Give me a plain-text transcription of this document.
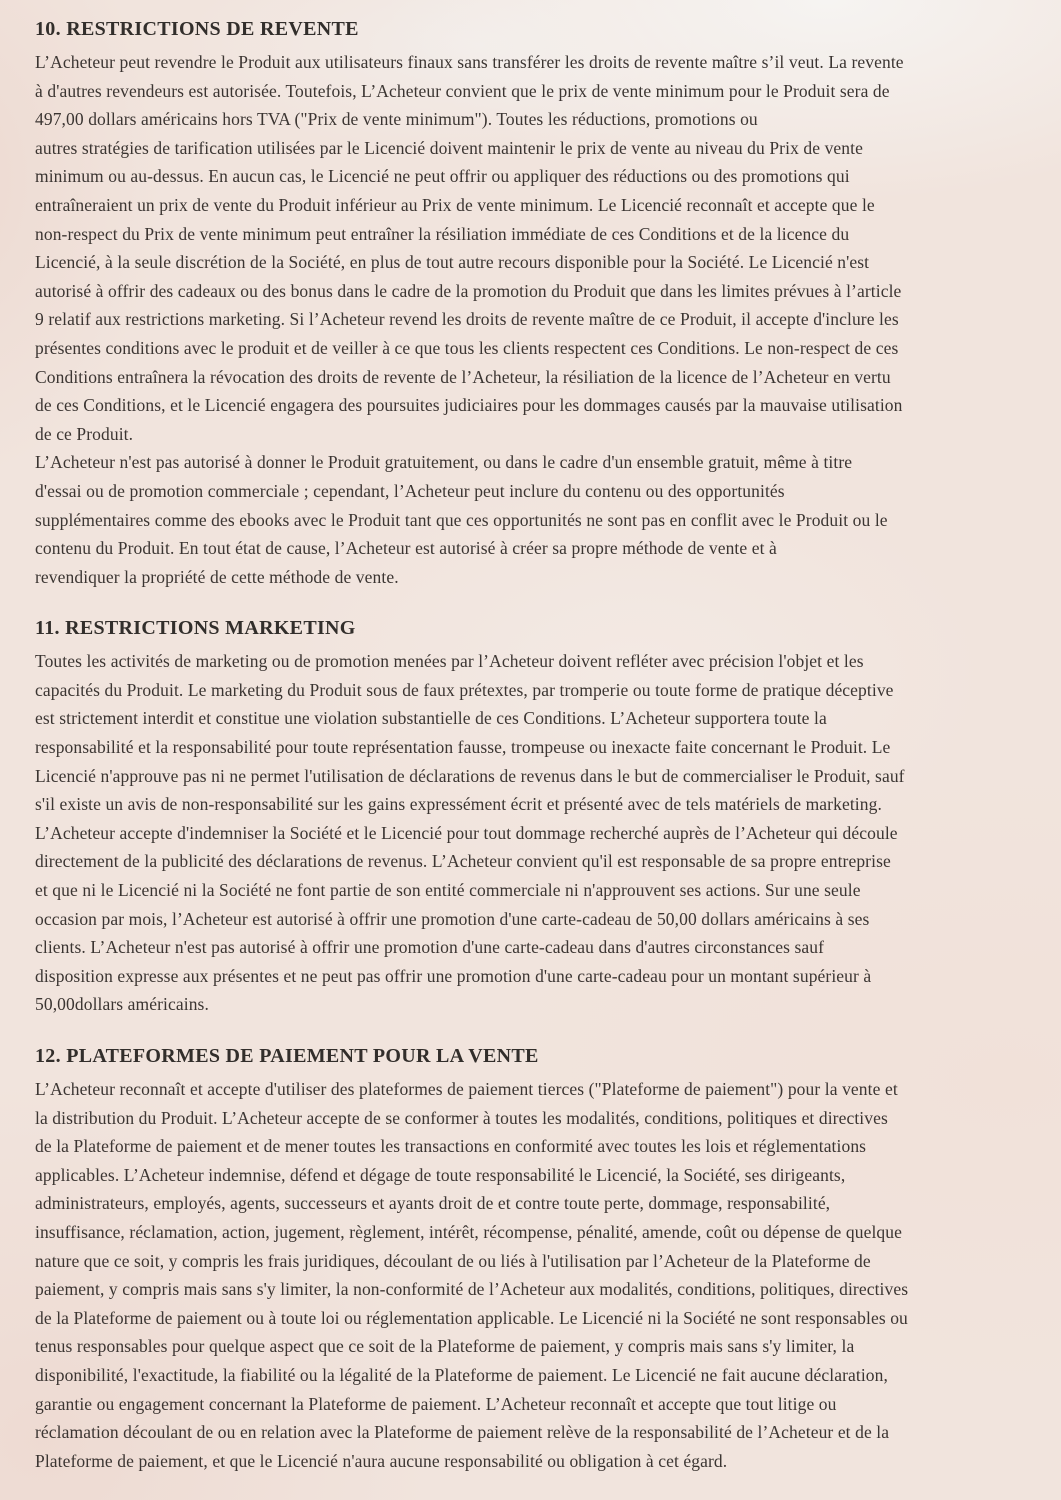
10. RESTRICTIONS DE REVENTE
L’Acheteur peut revendre le Produit aux utilisateurs finaux sans transférer les droits de revente maître s’il veut. La revente
à d'autres revendeurs est autorisée. Toutefois, L’Acheteur convient que le prix de vente minimum pour le Produit sera de
497,00 dollars américains hors TVA ("Prix de vente minimum"). Toutes les réductions, promotions ou
autres stratégies de tarification utilisées par le Licencié doivent maintenir le prix de vente au niveau du Prix de vente
minimum ou au-dessus. En aucun cas, le Licencié ne peut offrir ou appliquer des réductions ou des promotions qui
entraîneraient un prix de vente du Produit inférieur au Prix de vente minimum. Le Licencié reconnaît et accepte que le
non-respect du Prix de vente minimum peut entraîner la résiliation immédiate de ces Conditions et de la licence du
Licencié, à la seule discrétion de la Société, en plus de tout autre recours disponible pour la Société. Le Licencié n'est
autorisé à offrir des cadeaux ou des bonus dans le cadre de la promotion du Produit que dans les limites prévues à l’article
9 relatif aux restrictions marketing. Si l’Acheteur revend les droits de revente maître de ce Produit, il accepte d'inclure les
présentes conditions avec le produit et de veiller à ce que tous les clients respectent ces Conditions. Le non-respect de ces
Conditions entraînera la révocation des droits de revente de l’Acheteur, la résiliation de la licence de l’Acheteur en vertu
de ces Conditions, et le Licencié engagera des poursuites judiciaires pour les dommages causés par la mauvaise utilisation
de ce Produit.
L’Acheteur n'est pas autorisé à donner le Produit gratuitement, ou dans le cadre d'un ensemble gratuit, même à titre
d'essai ou de promotion commerciale ; cependant, l’Acheteur peut inclure du contenu ou des opportunités
supplémentaires comme des ebooks avec le Produit tant que ces opportunités ne sont pas en conflit avec le Produit ou le
contenu du Produit. En tout état de cause, l’Acheteur est autorisé à créer sa propre méthode de vente et à
revendiquer la propriété de cette méthode de vente.
11. RESTRICTIONS MARKETING
Toutes les activités de marketing ou de promotion menées par l’Acheteur doivent refléter avec précision l'objet et les
capacités du Produit. Le marketing du Produit sous de faux prétextes, par tromperie ou toute forme de pratique déceptive
est strictement interdit et constitue une violation substantielle de ces Conditions. L’Acheteur supportera toute la
responsabilité et la responsabilité pour toute représentation fausse, trompeuse ou inexacte faite concernant le Produit. Le
Licencié n'approuve pas ni ne permet l'utilisation de déclarations de revenus dans le but de commercialiser le Produit, sauf
s'il existe un avis de non-responsabilité sur les gains expressément écrit et présenté avec de tels matériels de marketing.
L’Acheteur accepte d'indemniser la Société et le Licencié pour tout dommage recherché auprès de l’Acheteur qui découle
directement de la publicité des déclarations de revenus. L’Acheteur convient qu'il est responsable de sa propre entreprise
et que ni le Licencié ni la Société ne font partie de son entité commerciale ni n'approuvent ses actions. Sur une seule
occasion par mois, l’Acheteur est autorisé à offrir une promotion d'une carte-cadeau de 50,00 dollars américains à ses
clients. L’Acheteur n'est pas autorisé à offrir une promotion d'une carte-cadeau dans d'autres circonstances sauf
disposition expresse aux présentes et ne peut pas offrir une promotion d'une carte-cadeau pour un montant supérieur à
50,00dollars américains.
12. PLATEFORMES DE PAIEMENT POUR LA VENTE
L’Acheteur reconnaît et accepte d'utiliser des plateformes de paiement tierces ("Plateforme de paiement") pour la vente et
la distribution du Produit. L’Acheteur accepte de se conformer à toutes les modalités, conditions, politiques et directives
de la Plateforme de paiement et de mener toutes les transactions en conformité avec toutes les lois et réglementations
applicables. L’Acheteur indemnise, défend et dégage de toute responsabilité le Licencié, la Société, ses dirigeants,
administrateurs, employés, agents, successeurs et ayants droit de et contre toute perte, dommage, responsabilité,
insuffisance, réclamation, action, jugement, règlement, intérêt, récompense, pénalité, amende, coût ou dépense de quelque
nature que ce soit, y compris les frais juridiques, découlant de ou liés à l'utilisation par l’Acheteur de la Plateforme de
paiement, y compris mais sans s'y limiter, la non-conformité de l’Acheteur aux modalités, conditions, politiques, directives
de la Plateforme de paiement ou à toute loi ou réglementation applicable. Le Licencié ni la Société ne sont responsables ou
tenus responsables pour quelque aspect que ce soit de la Plateforme de paiement, y compris mais sans s'y limiter, la
disponibilité, l'exactitude, la fiabilité ou la légalité de la Plateforme de paiement. Le Licencié ne fait aucune déclaration,
garantie ou engagement concernant la Plateforme de paiement. L’Acheteur reconnaît et accepte que tout litige ou
réclamation découlant de ou en relation avec la Plateforme de paiement relève de la responsabilité de l’Acheteur et de la
Plateforme de paiement, et que le Licencié n'aura aucune responsabilité ou obligation à cet égard.
